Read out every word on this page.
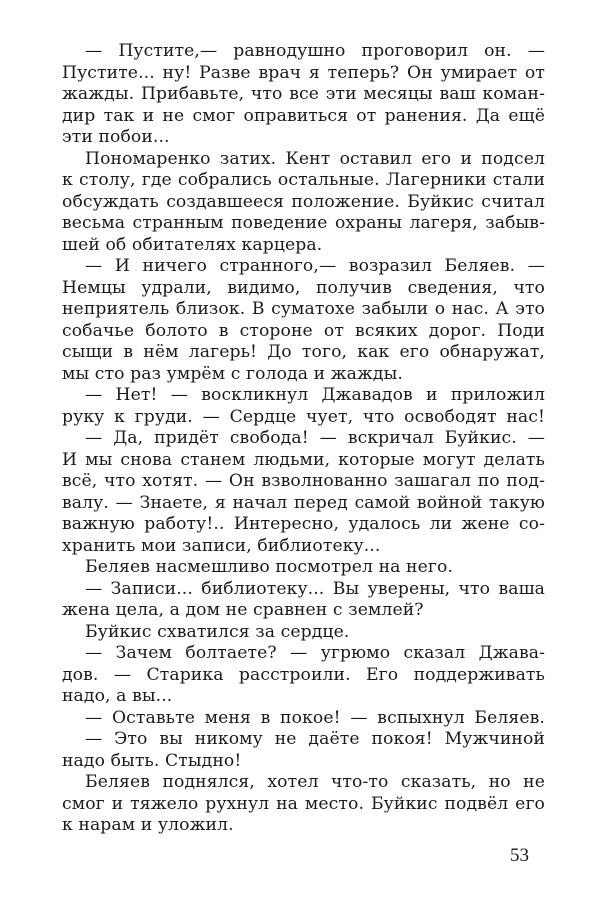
— Пустите,— равнодушно проговорил он. —
Пустите... ну! Разве врач я теперь? Он умирает от
жажды. Прибавьте, что все эти месяцы ваш коман-
дир так и не смог оправиться от ранения. Да ещё
эти побои...
Пономаренко затих. Кент оставил его и подсел
к столу, где собрались остальные. Лагерники стали
обсуждать создавшееся положение. Буйкис считал
весьма странным поведение охраны лагеря, забыв-
шей об обитателях карцера.
— И ничего странного,— возразил Беляев. —
Немцы удрали, видимо, получив сведения, что
неприятель близок. В суматохе забыли о нас. А это
собачье болото в стороне от всяких дорог. Поди
сыщи в нём лагерь! До того, как его обнаружат,
мы сто раз умрём с голода и жажды.
— Нет! — воскликнул Джавадов и приложил
руку к груди. — Сердце чует, что освободят нас!
— Да, придёт свобода! — вскричал Буйкис. —
И мы снова станем людьми, которые могут делать
всё, что хотят. — Он взволнованно зашагал по под-
валу. — Знаете, я начал перед самой войной такую
важную работу!.. Интересно, удалось ли жене со-
хранить мои записи, библиотеку...
Беляев насмешливо посмотрел на него.
— Записи... библиотеку... Вы уверены, что ваша
жена цела, а дом не сравнен с землей?
Буйкис схватился за сердце.
— Зачем болтаете? — угрюмо сказал Джава-
дов. — Старика расстроили. Его поддерживать
надо, а вы...
— Оставьте меня в покое! — вспыхнул Беляев.
— Это вы никому не даёте покоя! Мужчиной
надо быть. Стыдно!
Беляев поднялся, хотел что-то сказать, но не
смог и тяжело рухнул на место. Буйкис подвёл его
к нарам и уложил.
53
